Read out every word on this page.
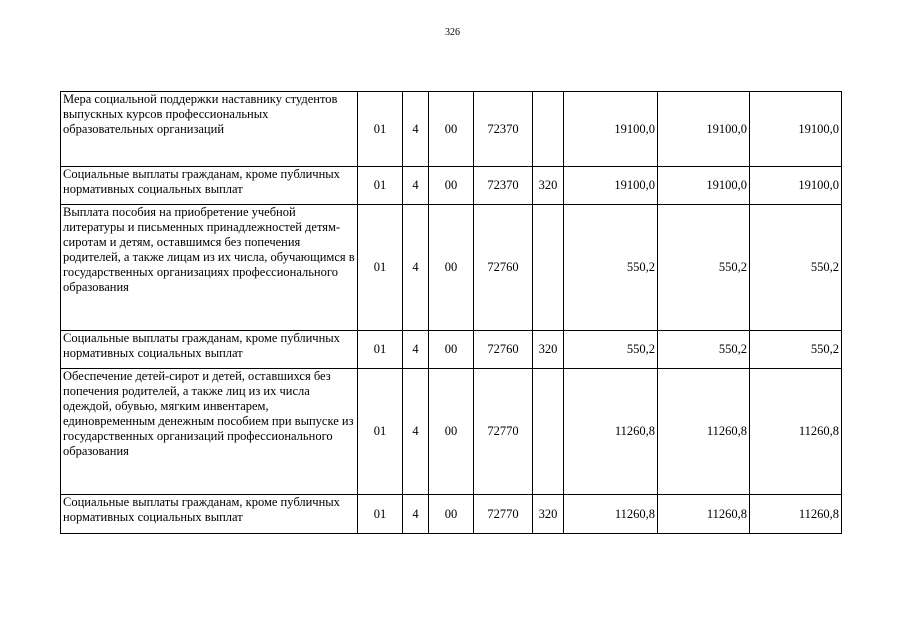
326
Мера социальной поддержки наставнику студентов выпускных курсов профессиональных образовательных организаций	01	4	00	72370		19100,0	19100,0	19100,0
Социальные выплаты гражданам, кроме публичных нормативных социальных выплат	01	4	00	72370	320	19100,0	19100,0	19100,0
Выплата пособия на приобретение учебной литературы и письменных принадлежностей детям-сиротам и детям, оставшимся без попечения родителей, а также лицам из их числа, обучающимся в государственных организациях профессионального образования	01	4	00	72760		550,2	550,2	550,2
Социальные выплаты гражданам, кроме публичных нормативных социальных выплат	01	4	00	72760	320	550,2	550,2	550,2
Обеспечение детей-сирот и детей, оставшихся без попечения родителей, а также лиц из их числа одеждой, обувью, мягким инвентарем, единовременным денежным пособием при выпуске из государственных организаций профессионального образования	01	4	00	72770		11260,8	11260,8	11260,8
Социальные выплаты гражданам, кроме публичных нормативных социальных выплат	01	4	00	72770	320	11260,8	11260,8	11260,8
